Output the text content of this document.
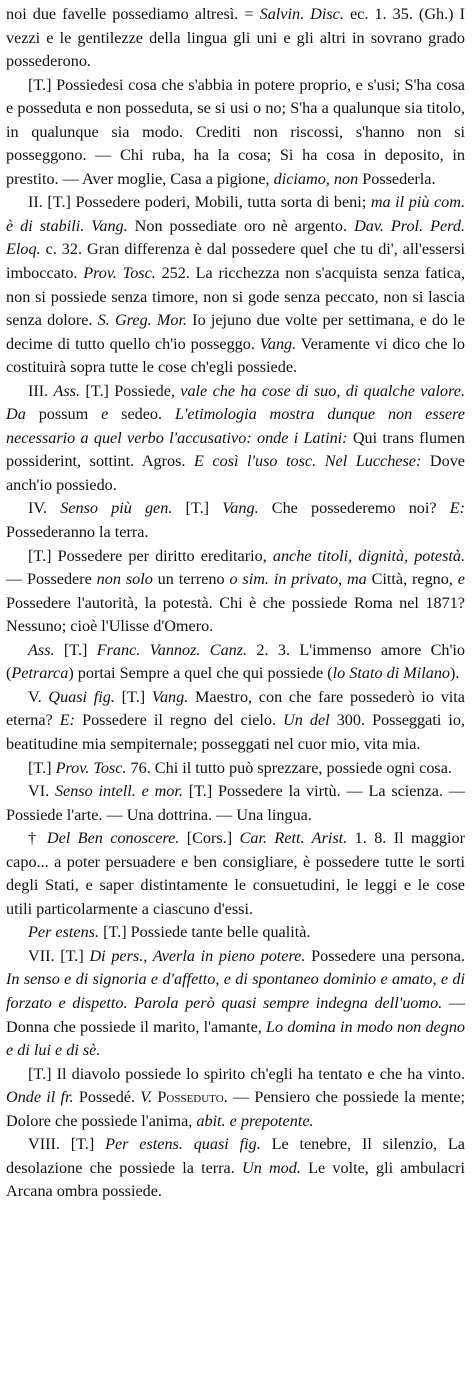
noi due favelle possediamo altresì. = Salvin. Disc. ec. 1. 35. (Gh.) I vezzi e le gentilezze della lingua gli uni e gli altri in sovrano grado possederono.

[T.] Possiedesi cosa che s'abbia in potere proprio, e s'usi; S'ha cosa e posseduta e non posseduta, se si usi o no; S'ha a qualunque sia titolo, in qualunque sia modo. Crediti non riscossi, s'hanno non si posseggono. — Chi ruba, ha la cosa; Si ha cosa in deposito, in prestito. — Aver moglie, Casa a pigione, diciamo, non Possederla.

II. [T.] Possedere poderi, Mobili, tutta sorta di beni; ma il più com. è di stabili. Vang. Non possediate oro nè argento. Dav. Prol. Perd. Eloq. c. 32. Gran differenza è dal possedere quel che tu di', all'essersi imboccato. Prov. Tosc. 252. La ricchezza non s'acquista senza fatica, non si possiede senza timore, non si gode senza peccato, non si lascia senza dolore. S. Greg. Mor. Io jejuno due volte per settimana, e do le decime di tutto quello ch'io posseggo. Vang. Veramente vi dico che lo costituirà sopra tutte le cose ch'egli possiede.

III. Ass. [T.] Possiede, vale che ha cose di suo, di qualche valore. Da possum e sedeo. L'etimologia mostra dunque non essere necessario a quel verbo l'accusativo: onde i Latini: Qui trans flumen possiderint, sottint. Agros. E così l'uso tosc. Nel Lucchese: Dove anch'io possiedo.

IV. Senso più gen. [T.] Vang. Che possederemo noi? E: Possederanno la terra.

[T.] Possedere per diritto ereditario, anche titoli, dignità, potestà. — Possedere non solo un terreno o sim. in privato, ma Città, regno, e Possedere l'autorità, la potestà. Chi è che possiede Roma nel 1871? Nessuno; cioè l'Ulisse d'Omero.

Ass. [T.] Franc. Vannoz. Canz. 2. 3. L'immenso amore Ch'io (Petrarca) portai Sempre a quel che qui possiede (lo Stato di Milano).

V. Quasi fig. [T.] Vang. Maestro, con che fare possederò io vita eterna? E: Possedere il regno del cielo. Un del 300. Posseggati io, beatitudine mia sempiternale; posseggati nel cuor mio, vita mia.

[T.] Prov. Tosc. 76. Chi il tutto può sprezzare, possiede ogni cosa.

VI. Senso intell. e mor. [T.] Possedere la virtù. — La scienza. — Possiede l'arte. — Una dottrina. — Una lingua.

† Del Ben conoscere. [Cors.] Car. Rett. Arist. 1. 8. Il maggior capo... a poter persuadere e ben consigliare, è possedere tutte le sorti degli Stati, e saper distintamente le consuetudini, le leggi e le cose utili particolarmente a ciascuno d'essi.

Per estens. [T.] Possiede tante belle qualità.

VII. [T.] Di pers., Averla in pieno potere. Possedere una persona. In senso e di signoria e d'affetto, e di spontaneo dominio e amato, e di forzato e dispetto. Parola però quasi sempre indegna dell'uomo. — Donna che possiede il marito, l'amante, Lo domina in modo non degno e di lui e di sè.

[T.] Il diavolo possiede lo spirito ch'egli ha tentato e che ha vinto. Onde il fr. Possedé. V. Posseduto. — Pensiero che possiede la mente; Dolore che possiede l'anima, abit. e prepotente.

VIII. [T.] Per estens. quasi fig. Le tenebre, Il silenzio, La desolazione che possiede la terra. Un mod. Le volte, gli ambulacri Arcana ombra possiede.
